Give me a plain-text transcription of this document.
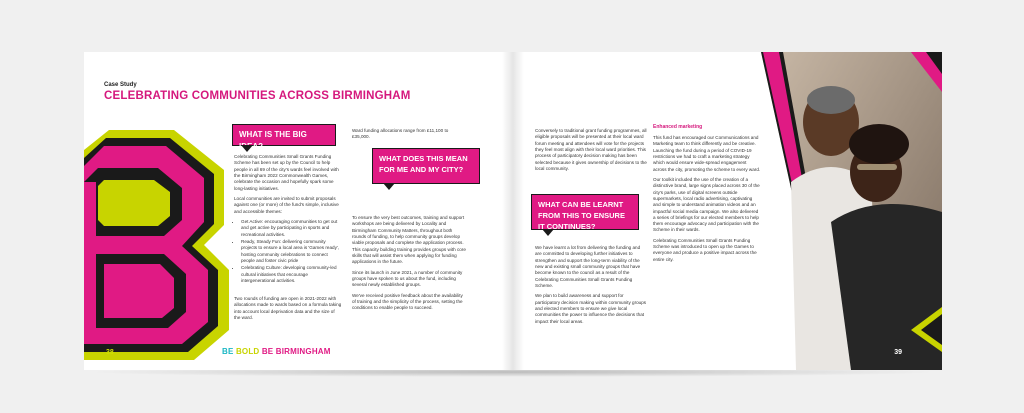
Case Study
CELEBRATING COMMUNITIES ACROSS BIRMINGHAM
WHAT IS THE BIG IDEA?

Celebrating Communities Small Grants Funding Scheme has been set up by the Council to help people in all 69 of the city's wards feel involved with the Birmingham 2022 Commonwealth Games, celebrate the occasion and hopefully spark some long-lasting initiatives.

Local communities are invited to submit proposals against one (or more) of the fund's simple, inclusive and accessible themes:

• Get Active: encouraging communities to get out and get active by participating in sports and recreational activities.
• Ready, Steady Fun: delivering community projects to ensure a local area is 'Games ready', hosting community celebrations to connect people and foster civic pride
• Celebrating Culture: developing community-led cultural initiatives that encourage intergenerational activities.
Two rounds of funding are open in 2021-2022 with allocations made to wards based on a formula taking into account local deprivation data and the size of the ward.
Ward funding allocations range from £11,100 to £35,000.
WHAT DOES THIS MEAN FOR ME AND MY CITY?

To ensure the very best outcomes, training and support workshops are being delivered by Locality and Birmingham Community Matters, throughout both rounds of funding, to help community groups develop viable proposals and complete the application process. This capacity building training provides groups with core skills that will assist them when applying for funding applications in the future.

Since its launch in June 2021, a number of community groups have spoken to us about the fund, including several newly established groups.

We've received positive feedback about the availability of training and the simplicity of the process, setting the conditions to enable people to succeed.

38	BE BOLD BE BIRMINGHAM
Conversely to traditional grant funding programmes, all eligible proposals will be presented at their local ward forum meeting and attendees will vote for the projects they feel most align with their local ward priorities. This process of participatory decision making has been selected because it gives ownership of decisions to the local community.
WHAT CAN BE LEARNT FROM THIS TO ENSURE IT CONTINUES?

We have learnt a lot from delivering the funding and are committed to developing further initiatives to strengthen and support the long-term viability of the new and existing small community groups that have become known to the council as a result of the Celebrating Communities Small Grants Funding Scheme.

We plan to build awareness and support for participatory decision making within community groups and elected members to ensure we give local communities the power to influence the decisions that impact their local areas.

Enhanced marketing

This fund has encouraged our Communications and Marketing team to think differently and be creative. Launching the fund during a period of COVID-19 restrictions we had to craft a marketing strategy which would ensure wide-spread engagement across the city, promoting the scheme to every ward.

Our toolkit included the use of the creation of a distinctive brand, large signs placed across 30 of the city's parks, use of digital screens outside supermarkets, local radio advertising, captivating and simple to understand animation videos and an impactful social media campaign. We also delivered a series of briefings for our elected members to help them encourage advocacy and participation with the Scheme in their wards.

Celebrating Communities Small Grants Funding Scheme was introduced to open up the Games to everyone and produce a positive impact across the entire city.

39
